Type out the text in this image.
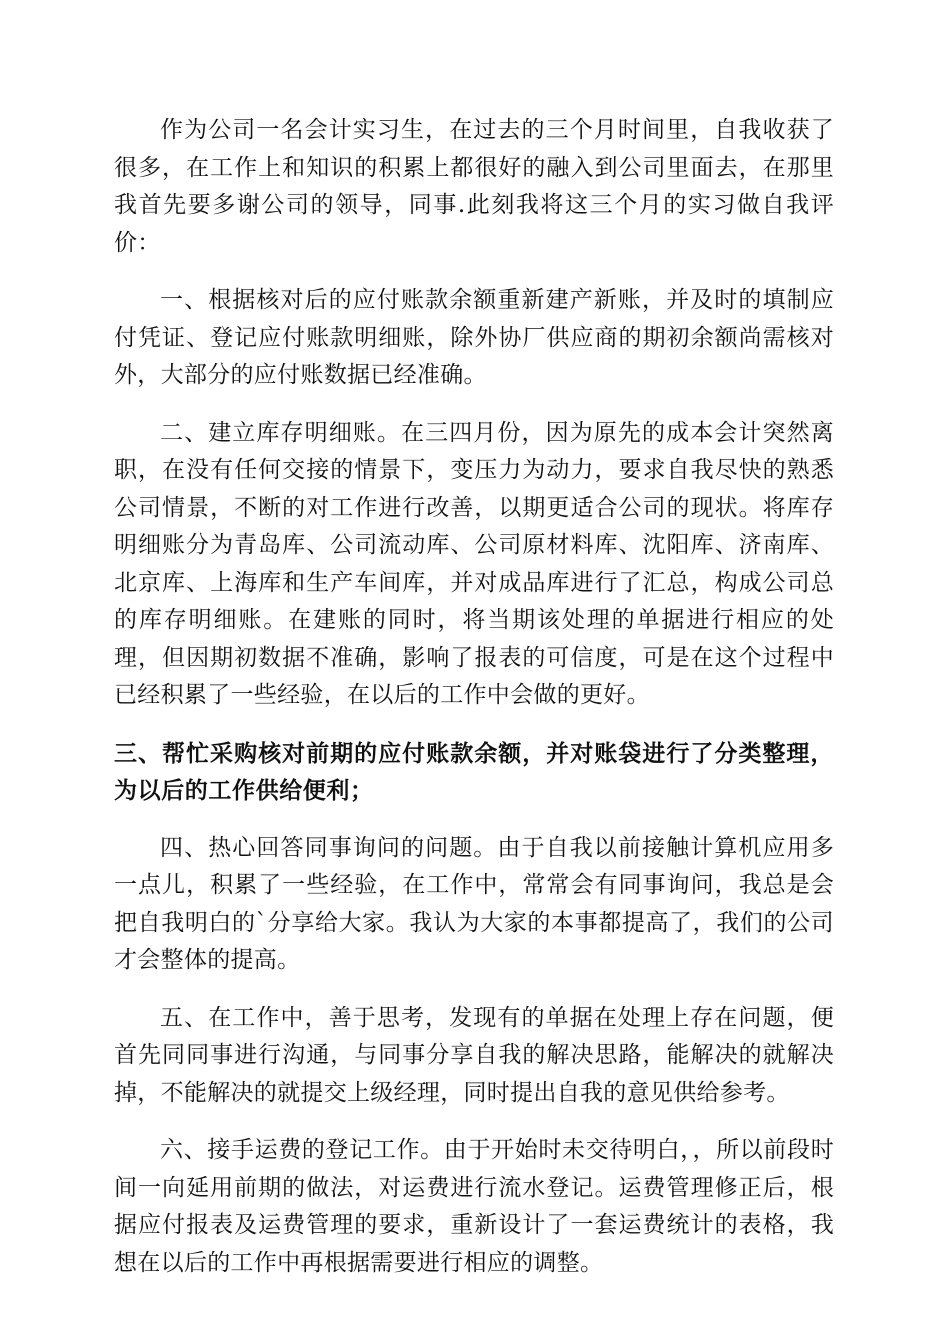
作为公司一名会计实习生，在过去的三个月时间里，自我收获了很多，在工作上和知识的积累上都很好的融入到公司里面去，在那里我首先要多谢公司的领导，同事.此刻我将这三个月的实习做自我评价：

一、根据核对后的应付账款余额重新建产新账，并及时的填制应付凭证、登记应付账款明细账，除外协厂供应商的期初余额尚需核对外，大部分的应付账数据已经准确。

二、建立库存明细账。在三四月份，因为原先的成本会计突然离职，在没有任何交接的情景下，变压力为动力，要求自我尽快的熟悉公司情景，不断的对工作进行改善，以期更适合公司的现状。将库存明细账分为青岛库、公司流动库、公司原材料库、沈阳库、济南库、北京库、上海库和生产车间库，并对成品库进行了汇总，构成公司总的库存明细账。在建账的同时，将当期该处理的单据进行相应的处理，但因期初数据不准确，影响了报表的可信度，可是在这个过程中已经积累了一些经验，在以后的工作中会做的更好。

三、帮忙采购核对前期的应付账款余额，并对账袋进行了分类整理，为以后的工作供给便利；

四、热心回答同事询问的问题。由于自我以前接触计算机应用多一点儿，积累了一些经验，在工作中，常常会有同事询问，我总是会把自我明白的`分享给大家。我认为大家的本事都提高了，我们的公司才会整体的提高。

五、在工作中，善于思考，发现有的单据在处理上存在问题，便首先同同事进行沟通，与同事分享自我的解决思路，能解决的就解决掉，不能解决的就提交上级经理，同时提出自我的意见供给参考。

六、接手运费的登记工作。由于开始时未交待明白，，所以前段时间一向延用前期的做法，对运费进行流水登记。运费管理修正后，根据应付报表及运费管理的要求，重新设计了一套运费统计的表格，我想在以后的工作中再根据需要进行相应的调整。
